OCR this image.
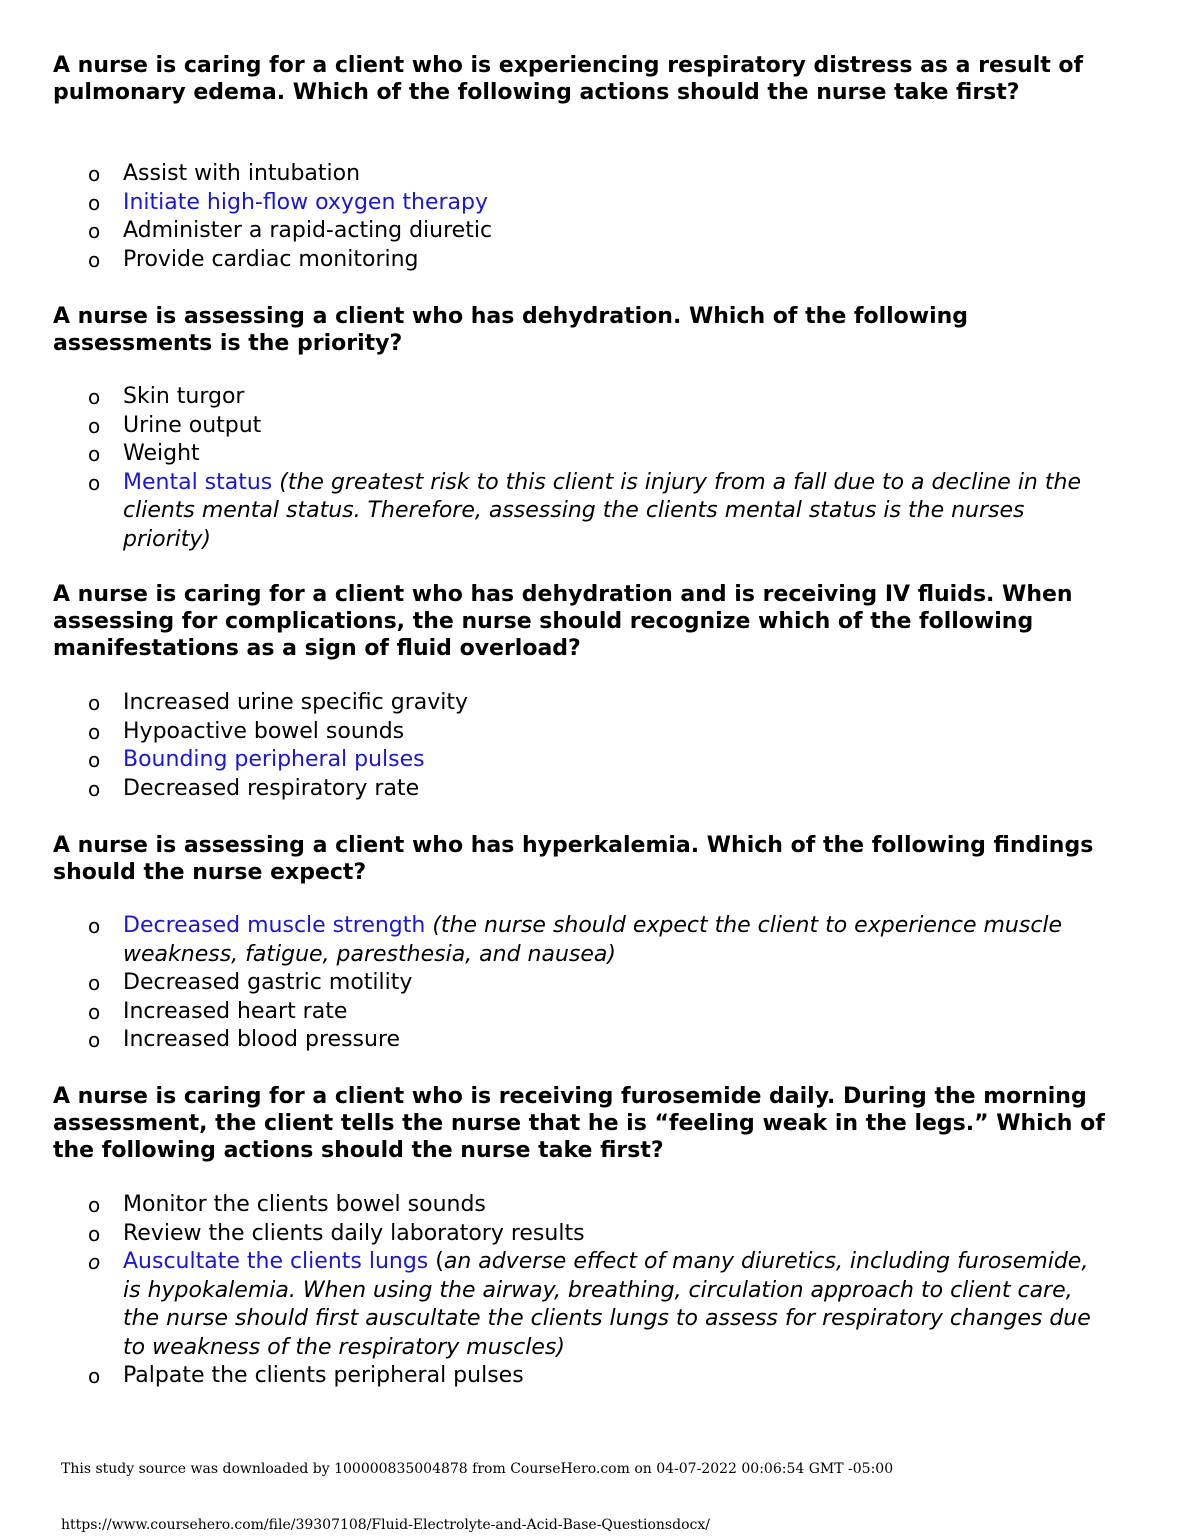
A nurse is caring for a client who is experiencing respiratory distress as a result of pulmonary edema. Which of the following actions should the nurse take first?

o Assist with intubation
o Initiate high-flow oxygen therapy
o Administer a rapid-acting diuretic
o Provide cardiac monitoring

A nurse is assessing a client who has dehydration. Which of the following assessments is the priority?

o Skin turgor
o Urine output
o Weight
o Mental status (the greatest risk to this client is injury from a fall due to a decline in the clients mental status. Therefore, assessing the clients mental status is the nurses priority)

A nurse is caring for a client who has dehydration and is receiving IV fluids. When assessing for complications, the nurse should recognize which of the following manifestations as a sign of fluid overload?

o Increased urine specific gravity
o Hypoactive bowel sounds
o Bounding peripheral pulses
o Decreased respiratory rate

A nurse is assessing a client who has hyperkalemia. Which of the following findings should the nurse expect?

o Decreased muscle strength (the nurse should expect the client to experience muscle weakness, fatigue, paresthesia, and nausea)
o Decreased gastric motility
o Increased heart rate
o Increased blood pressure

A nurse is caring for a client who is receiving furosemide daily. During the morning assessment, the client tells the nurse that he is “feeling weak in the legs.” Which of the following actions should the nurse take first?

o Monitor the clients bowel sounds
o Review the clients daily laboratory results
o Auscultate the clients lungs (an adverse effect of many diuretics, including furosemide, is hypokalemia. When using the airway, breathing, circulation approach to client care, the nurse should first auscultate the clients lungs to assess for respiratory changes due to weakness of the respiratory muscles)
o Palpate the clients peripheral pulses
This study source was downloaded by 100000835004878 from CourseHero.com on 04-07-2022 00:06:54 GMT -05:00
https://www.coursehero.com/file/39307108/Fluid-Electrolyte-and-Acid-Base-Questionsdocx/
